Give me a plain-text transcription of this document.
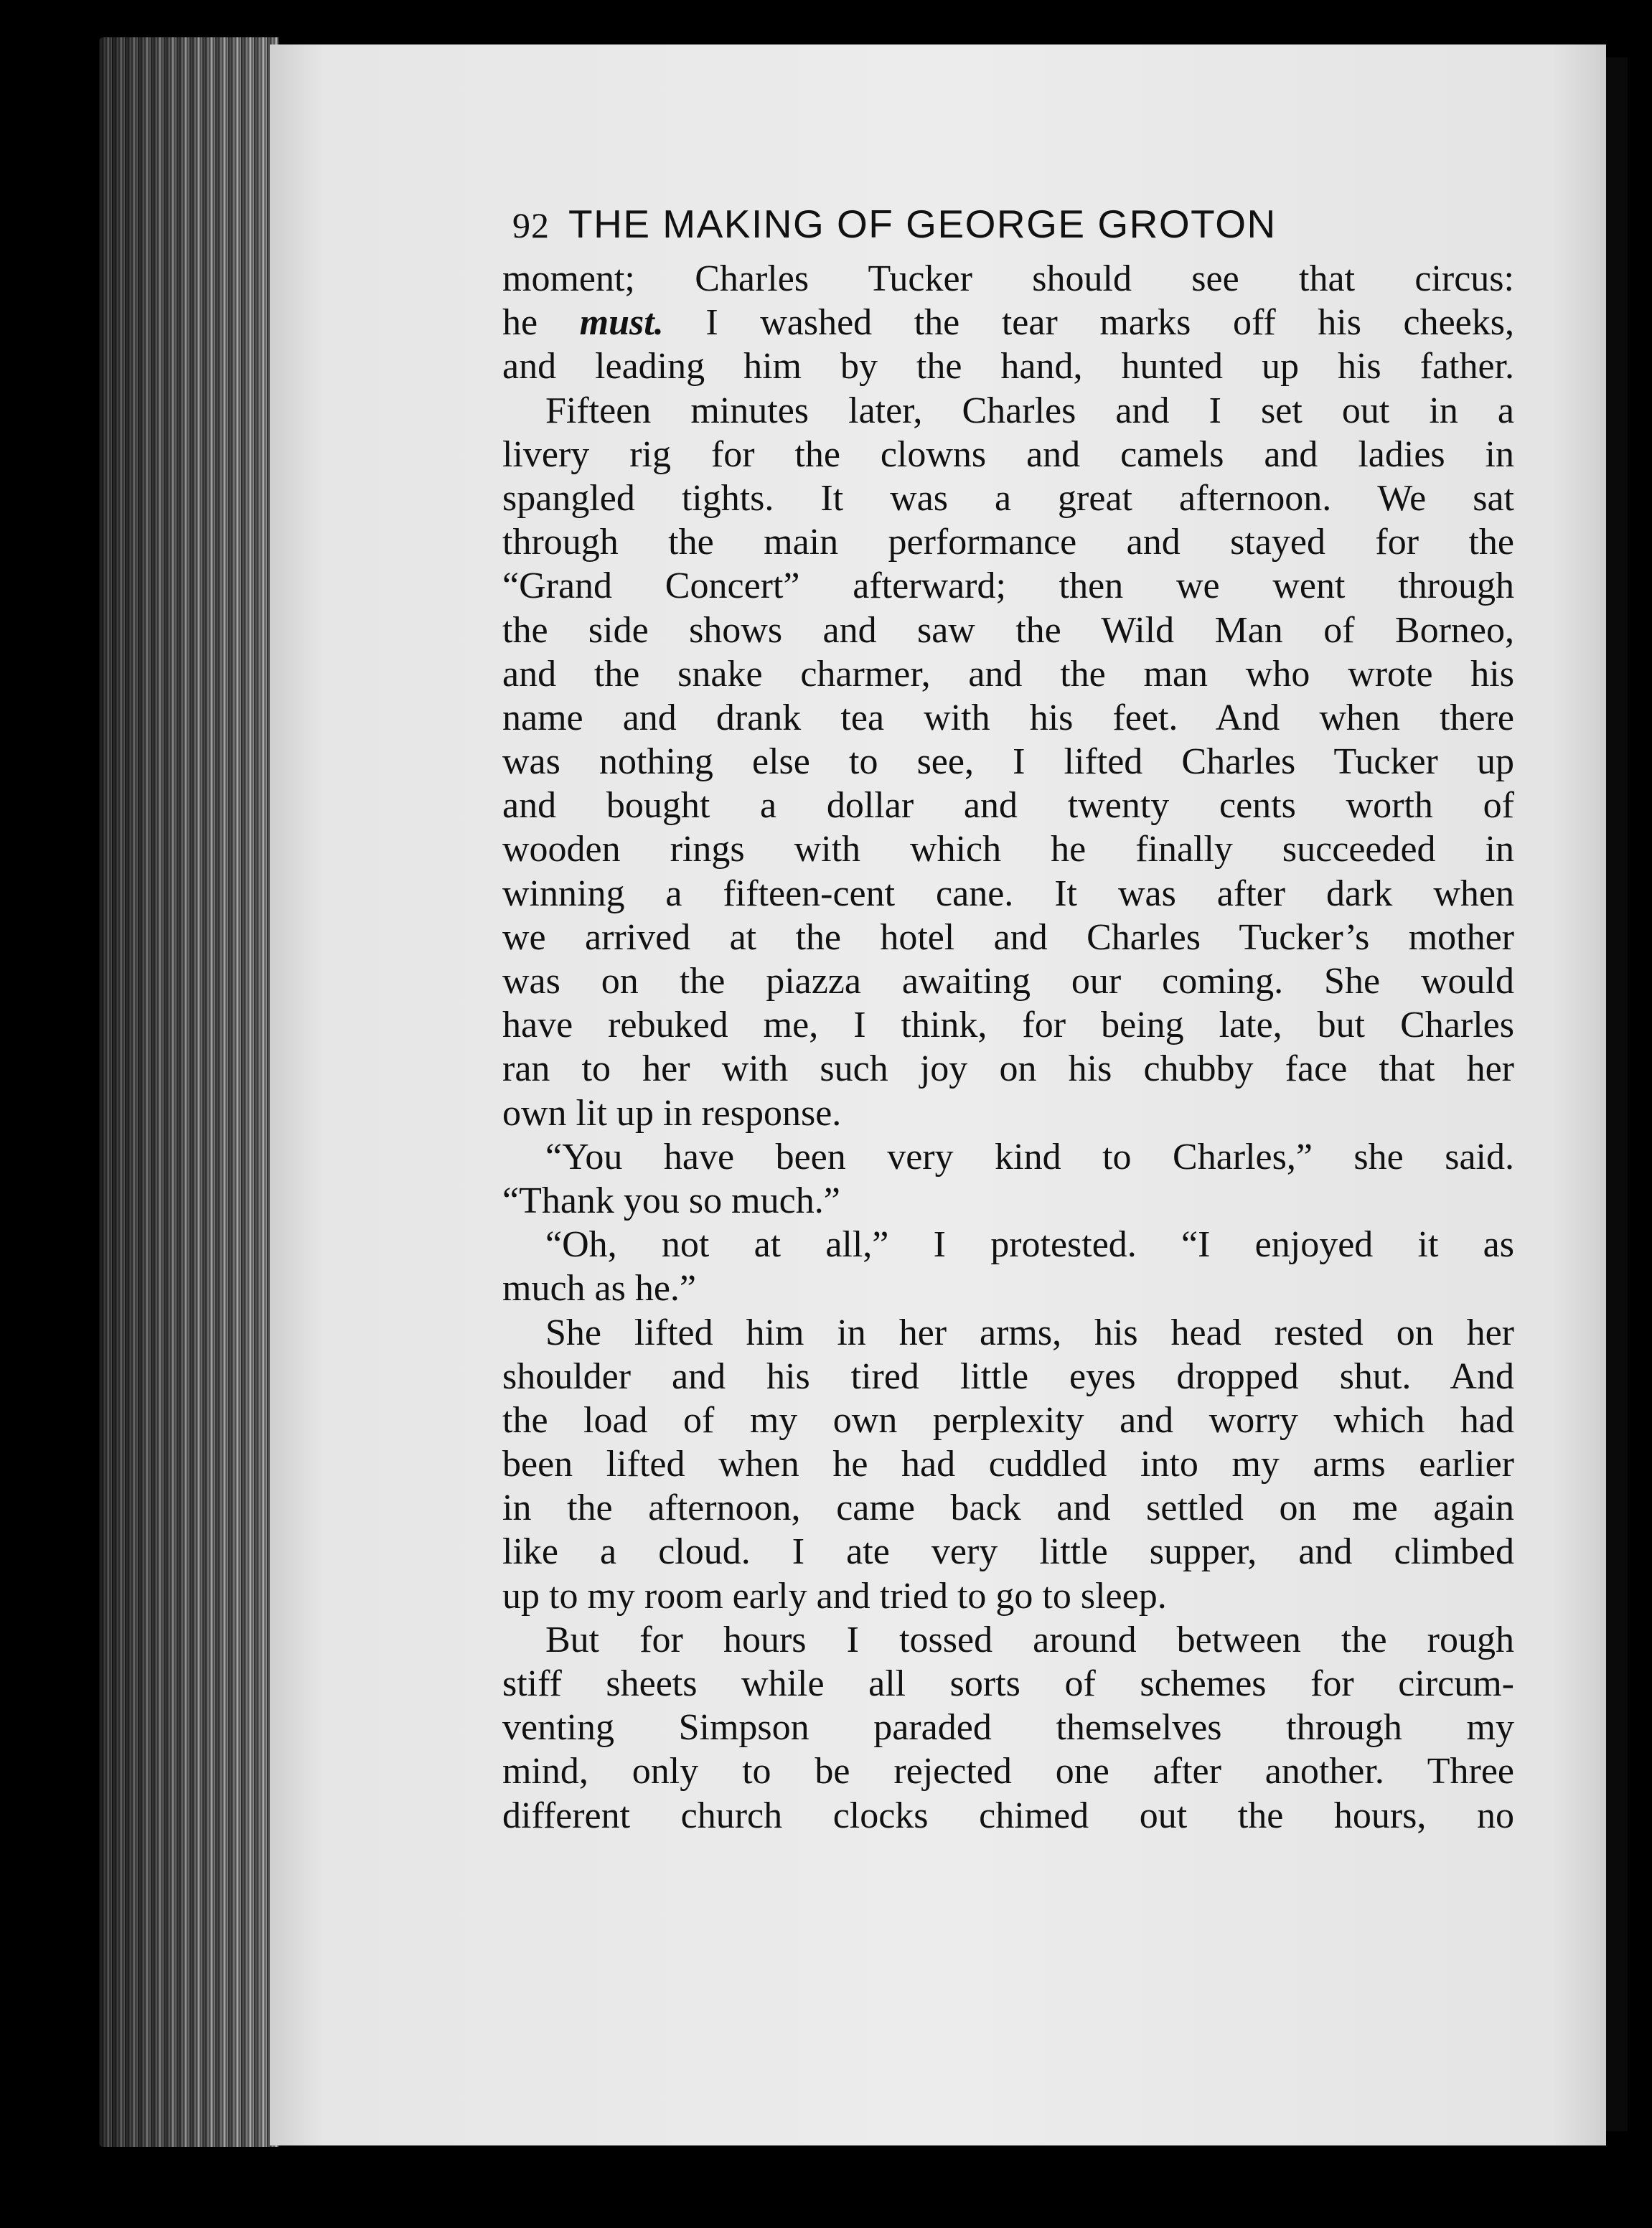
92 THE MAKING OF GEORGE GROTON
moment; Charles Tucker should see that circus:
he must. I washed the tear marks off his cheeks,
and leading him by the hand, hunted up his father.
Fifteen minutes later, Charles and I set out in a
livery rig for the clowns and camels and ladies in
spangled tights. It was a great afternoon. We sat
through the main performance and stayed for the
“Grand Concert” afterward; then we went through
the side shows and saw the Wild Man of Borneo,
and the snake charmer, and the man who wrote his
name and drank tea with his feet. And when there
was nothing else to see, I lifted Charles Tucker up
and bought a dollar and twenty cents worth of
wooden rings with which he finally succeeded in
winning a fifteen-cent cane. It was after dark when
we arrived at the hotel and Charles Tucker’s mother
was on the piazza awaiting our coming. She would
have rebuked me, I think, for being late, but Charles
ran to her with such joy on his chubby face that her
own lit up in response.
“You have been very kind to Charles,” she said.
“Thank you so much.”
“Oh, not at all,” I protested. “I enjoyed it as
much as he.”
She lifted him in her arms, his head rested on her
shoulder and his tired little eyes dropped shut. And
the load of my own perplexity and worry which had
been lifted when he had cuddled into my arms earlier
in the afternoon, came back and settled on me again
like a cloud. I ate very little supper, and climbed
up to my room early and tried to go to sleep.
But for hours I tossed around between the rough
stiff sheets while all sorts of schemes for circum-
venting Simpson paraded themselves through my
mind, only to be rejected one after another. Three
different church clocks chimed out the hours, no
